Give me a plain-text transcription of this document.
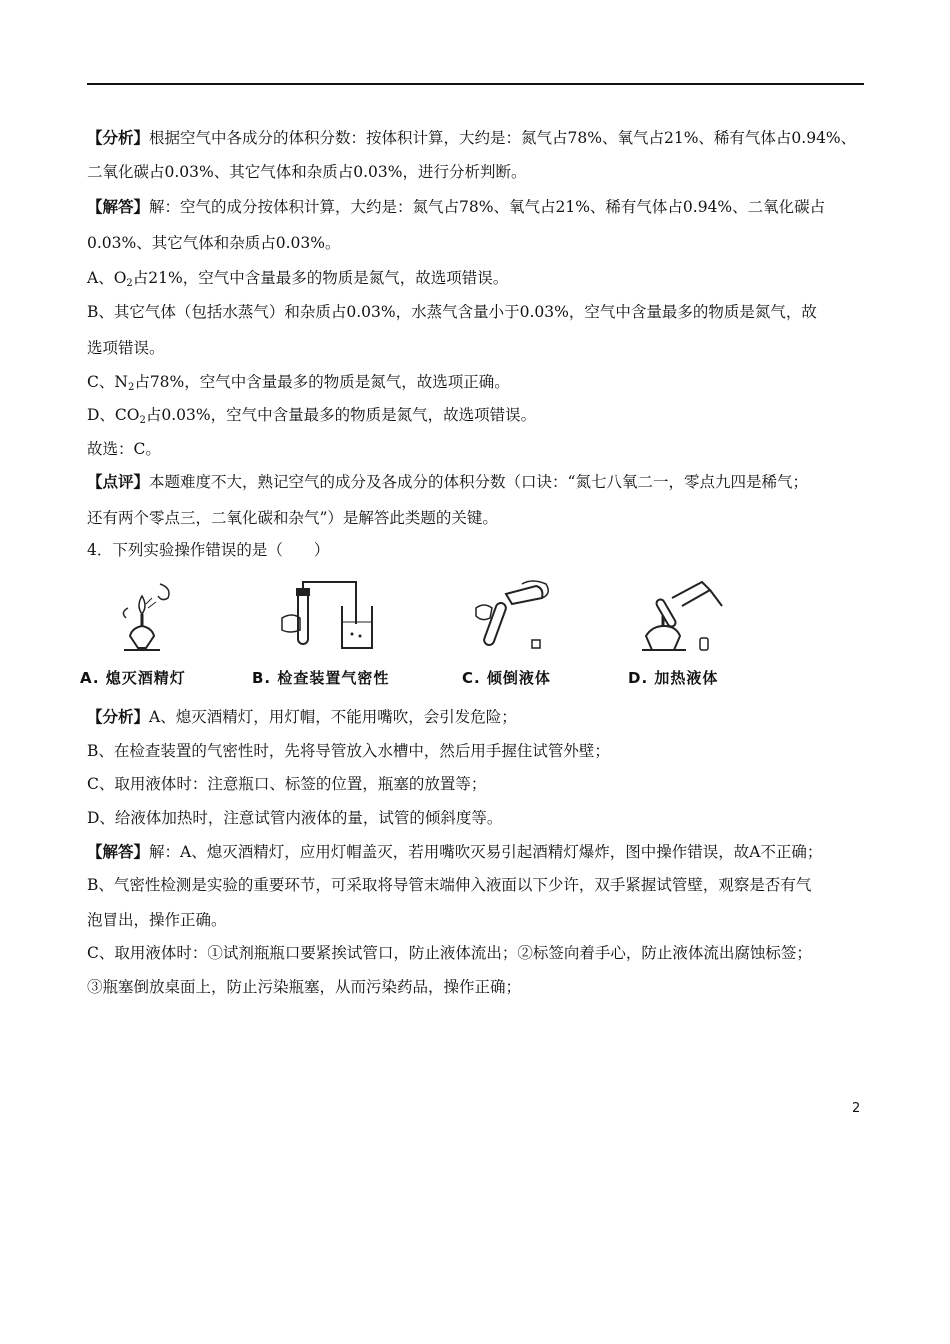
【分析】根据空气中各成分的体积分数：按体积计算，大约是：氮气占78%、氧气占21%、稀有气体占0.94%、
二氧化碳占0.03%、其它气体和杂质占0.03%，进行分析判断。
【解答】解：空气的成分按体积计算，大约是：氮气占78%、氧气占21%、稀有气体占0.94%、二氧化碳占
0.03%、其它气体和杂质占0.03%。
A、$O_2$占21%，空气中含量最多的物质是氮气，故选项错误。
B、其它气体（包括水蒸气）和杂质占0.03%，水蒸气含量小于0.03%，空气中含量最多的物质是氮气，故
选项错误。
C、$N_2$占78%，空气中含量最多的物质是氮气，故选项正确。
D、$CO_2$占0.03%，空气中含量最多的物质是氮气，故选项错误。
故选：C。
【点评】本题难度不大，熟记空气的成分及各成分的体积分数（口诀：“氮七八氧二一，零点九四是稀气；
还有两个零点三，二氧化碳和杂气”）是解答此类题的关键。
4．下列实验操作错误的是（　　）
【分析】A、熄灭酒精灯，用灯帽，不能用嘴吹，会引发危险；
B、在检查装置的气密性时，先将导管放入水槽中，然后用手握住试管外壁；
C、取用液体时：注意瓶口、标签的位置，瓶塞的放置等；
D、给液体加热时，注意试管内液体的量，试管的倾斜度等。
【解答】解：A、熄灭酒精灯，应用灯帽盖灭，若用嘴吹灭易引起酒精灯爆炸，图中操作错误，故A不正确；
B、气密性检测是实验的重要环节，可采取将导管末端伸入液面以下少许，双手紧握试管壁，观察是否有气
泡冒出，操作正确。
C、取用液体时：①试剂瓶瓶口要紧挨试管口，防止液体流出；②标签向着手心，防止液体流出腐蚀标签；
③瓶塞倒放桌面上，防止污染瓶塞，从而污染药品，操作正确；
A. 熄灭酒精灯	B. 检查装置气密性	C. 倾倒液体	D. 加热液体
2
